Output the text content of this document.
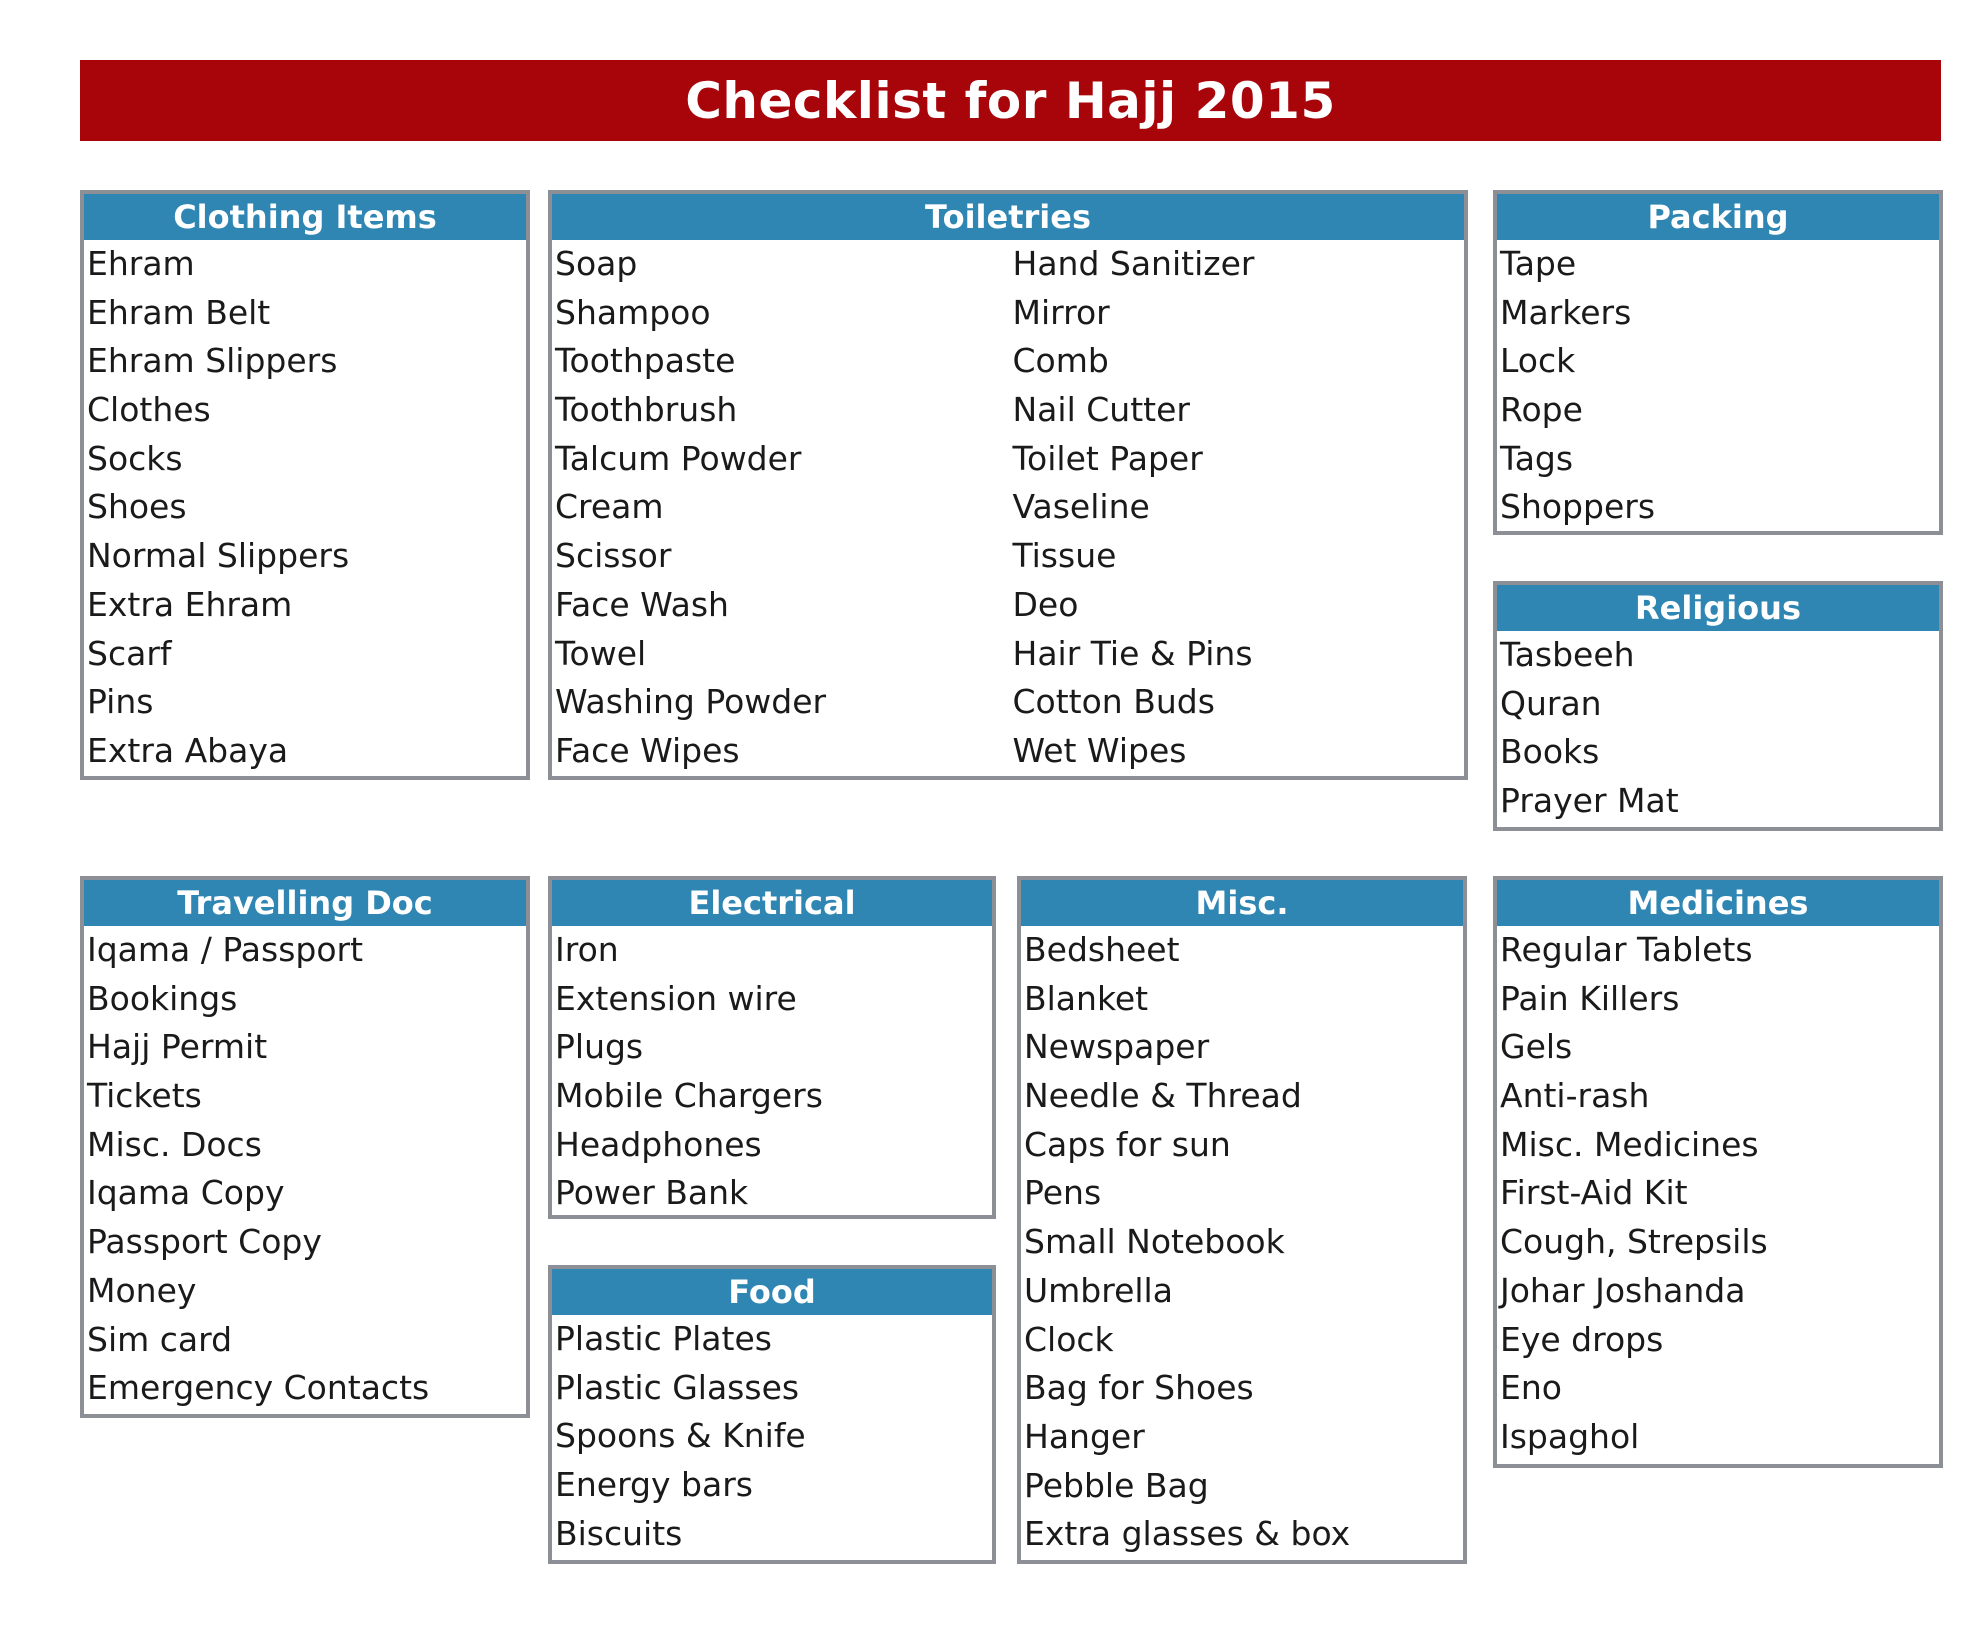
Checklist for Hajj 2015
Clothing Items
Ehram
Ehram Belt
Ehram Slippers
Clothes
Socks
Shoes
Normal Slippers
Extra Ehram
Scarf
Pins
Extra Abaya
Toiletries
Soap
Shampoo
Toothpaste
Toothbrush
Talcum Powder
Cream
Scissor
Face Wash
Towel
Washing Powder
Face Wipes
Hand Sanitizer
Mirror
Comb
Nail Cutter
Toilet Paper
Vaseline
Tissue
Deo
Hair Tie & Pins
Cotton Buds
Wet Wipes
Packing
Tape
Markers
Lock
Rope
Tags
Shoppers
Religious
Tasbeeh
Quran
Books
Prayer Mat
Travelling Doc
Iqama / Passport
Bookings
Hajj Permit
Tickets
Misc. Docs
Iqama Copy
Passport Copy
Money
Sim card
Emergency Contacts
Electrical
Iron
Extension wire
Plugs
Mobile Chargers
Headphones
Power Bank
Food
Plastic Plates
Plastic Glasses
Spoons & Knife
Energy bars
Biscuits
Misc.
Bedsheet
Blanket
Newspaper
Needle & Thread
Caps for sun
Pens
Small Notebook
Umbrella
Clock
Bag for Shoes
Hanger
Pebble Bag
Extra glasses & box
Medicines
Regular Tablets
Pain Killers
Gels
Anti-rash
Misc. Medicines
First-Aid Kit
Cough, Strepsils
Johar Joshanda
Eye drops
Eno
Ispaghol
